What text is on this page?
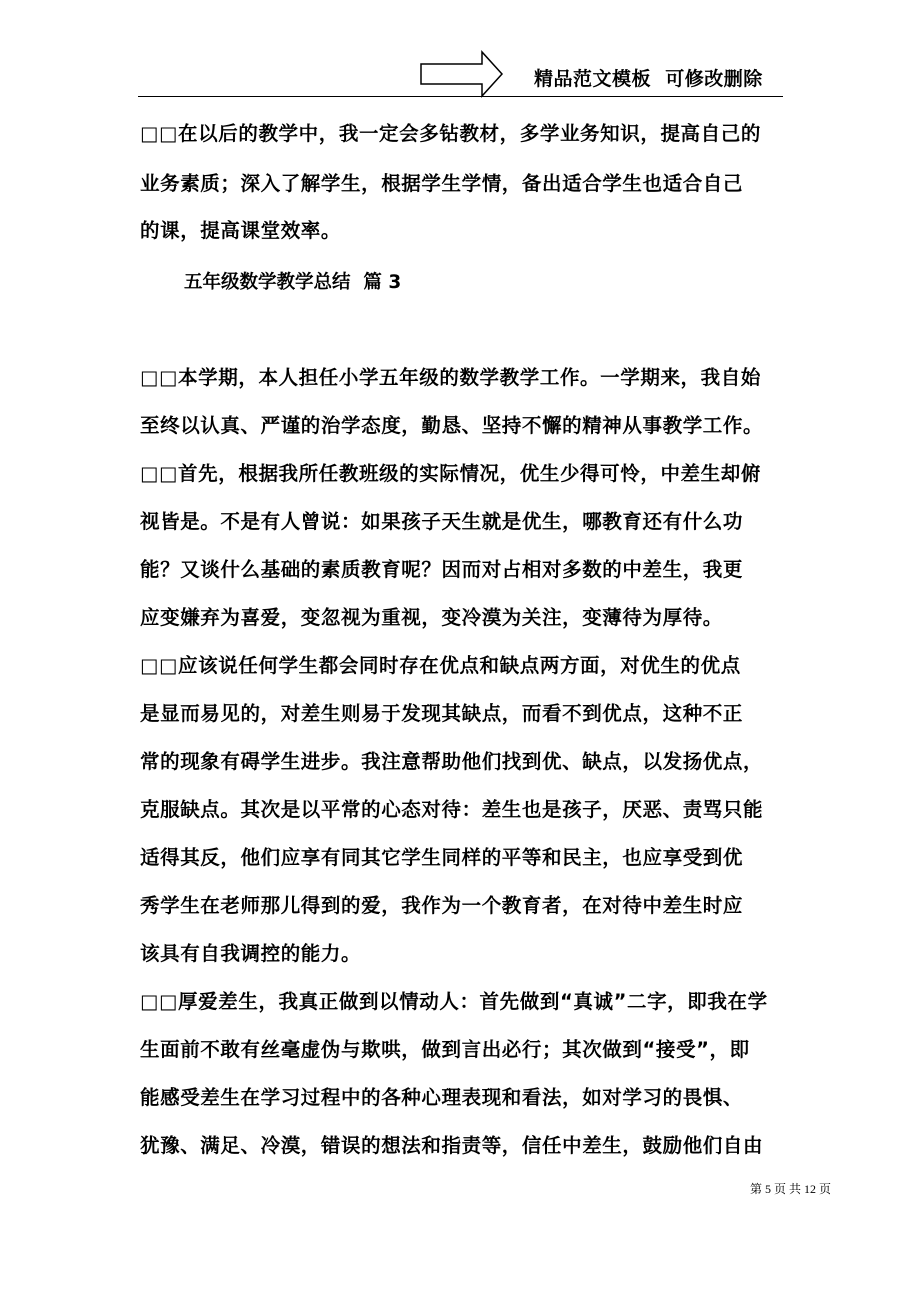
精品范文模板  可修改删除
□□在以后的教学中，我一定会多钻教材，多学业务知识，提高自己的
业务素质；深入了解学生，根据学生学情，备出适合学生也适合自己
的课，提高课堂效率。
五年级数学教学总结  篇 3
□□本学期，本人担任小学五年级的数学教学工作。一学期来，我自始
至终以认真、严谨的治学态度，勤恳、坚持不懈的精神从事教学工作。
□□首先，根据我所任教班级的实际情况，优生少得可怜，中差生却俯
视皆是。不是有人曾说：如果孩子天生就是优生，哪教育还有什么功
能？又谈什么基础的素质教育呢？因而对占相对多数的中差生，我更
应变嫌弃为喜爱，变忽视为重视，变冷漠为关注，变薄待为厚待。
□□应该说任何学生都会同时存在优点和缺点两方面，对优生的优点
是显而易见的，对差生则易于发现其缺点，而看不到优点，这种不正
常的现象有碍学生进步。我注意帮助他们找到优、缺点，以发扬优点，
克服缺点。其次是以平常的心态对待：差生也是孩子，厌恶、责骂只能
适得其反，他们应享有同其它学生同样的平等和民主，也应享受到优
秀学生在老师那儿得到的爱，我作为一个教育者，在对待中差生时应
该具有自我调控的能力。
□□厚爱差生，我真正做到以情动人：首先做到“真诚”二字，即我在学
生面前不敢有丝毫虚伪与欺哄，做到言出必行；其次做到“接受”，即
能感受差生在学习过程中的各种心理表现和看法，如对学习的畏惧、
犹豫、满足、冷漠，错误的想法和指责等，信任中差生，鼓励他们自由
第 5 页 共 12 页
